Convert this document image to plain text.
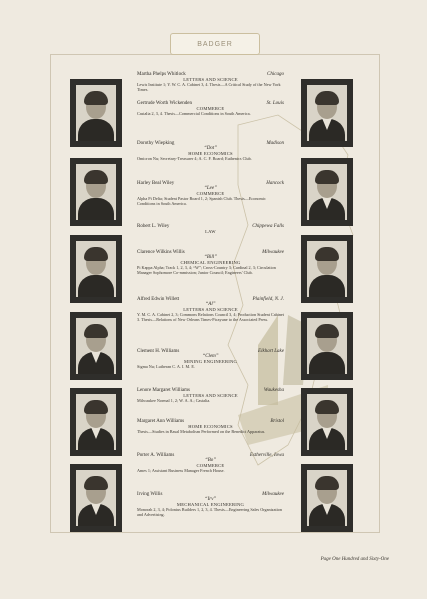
BADGER
Martha Phelps Whitlock	Chicago
LETTERS AND SCIENCE
Lewis Institute 1; Y. W. C. A. Cabinet 3, 4. Thesis—A Critical Study of the New York Times.
Gertrude Worth Wickenden	St. Louis
COMMERCE
Castalia 2, 3, 4. Thesis—Commercial Conditions in South America.
Dorothy Wiepking	Madison
“Dot”
HOME ECONOMICS
Omicron Nu; Secretary-Treasurer 4; A. C. F. Board; Euthenics Club.
Harley Beal Wiley	Hancock
“Lee”
COMMERCE
Alpha Pi Delta; Student Pastor Board 1, 2; Spanish Club. Thesis—Economic Conditions in South America.
Robert L. Wiley	Chippewa Falls
LAW
Clarence Wilkins Willis	Milwaukee
“Bill”
CHEMICAL ENGINEERING
Pi Kappa Alpha; Track 1, 2, 3, 4; “W”; Cross-Country 3; Cardinal 2, 3; Circulation Manager Sophomore Co-mmission; Junior Council; Engineers' Club.
Alfred Edwin Willett	Plainfield, N. J.
“Al”
LETTERS AND SCIENCE
Y. M. C. A. Cabinet 2, 3; Commons Relations Council 3, 4; Production Student Cabinet 3. Thesis—Relations of New Orleans Times-Picayune to the Associated Press.
Clement H. Williams	Elkhart Lake
“Clem”
MINING ENGINEERING
Sigma Nu; Lutheran C. A. I. M. E.
Lenore Margaret Williams	Waukesha
LETTERS AND SCIENCE
Milwaukee Normal 1, 2; W. A. A.; Castalia.
Margaret Ann Williams	Bristol
HOME ECONOMICS
Thesis—Studies in Basal Metabolism Performed on the Benedict Apparatus.
Porter A. Williams	Estherville, Iowa
“Bo”
COMMERCE
Ames 1; Assistant Business Manager French House.
Irving Willis	Milwaukee
“Irv”
MECHANICAL ENGINEERING
Monorah 2, 3, 4; Polonius Builders 1, 2, 3, 4. Thesis—Engineering Sales Organization and Advertising.
Page One Hundred and Sixty-One
